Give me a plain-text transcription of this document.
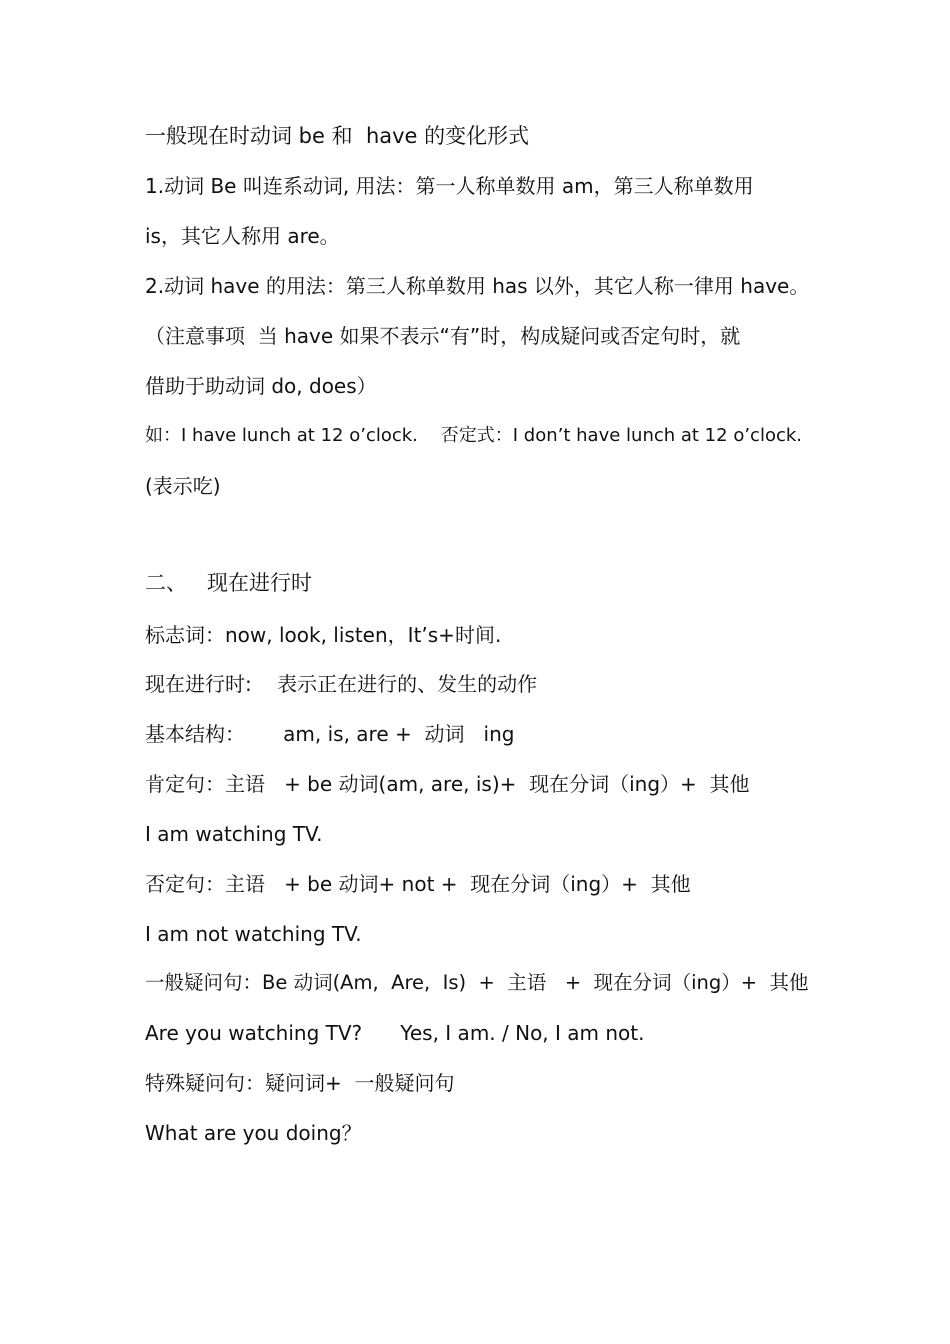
一般现在时动词 be 和  have 的变化形式
1.动词 Be 叫连系动词, 用法：第一人称单数用 am，第三人称单数用
is，其它人称用 are。
2.动词 have 的用法：第三人称单数用 has 以外，其它人称一律用 have。
（注意事项  当 have 如果不表示“有”时，构成疑问或否定句时，就
借助于助动词 do, does）
如：I have lunch at 12 o’clock.    否定式：I don’t have lunch at 12 o’clock.
(表示吃)
二、   现在进行时
标志词：now, look, listen，It’s+时间.
现在进行时:    表示正在进行的、发生的动作
基本结构：      am, is, are +  动词   ing
肯定句：主语   + be 动词(am, are, is)+  现在分词（ing）+  其他
I am watching TV.
否定句：主语   + be 动词+ not +  现在分词（ing）+  其他
I am not watching TV.
一般疑问句：Be 动词(Am,  Are,  Is)  +  主语   +  现在分词（ing）+  其他
Are you watching TV?      Yes, I am. / No, I am not.
特殊疑问句：疑问词+  一般疑问句
What are you doing？
